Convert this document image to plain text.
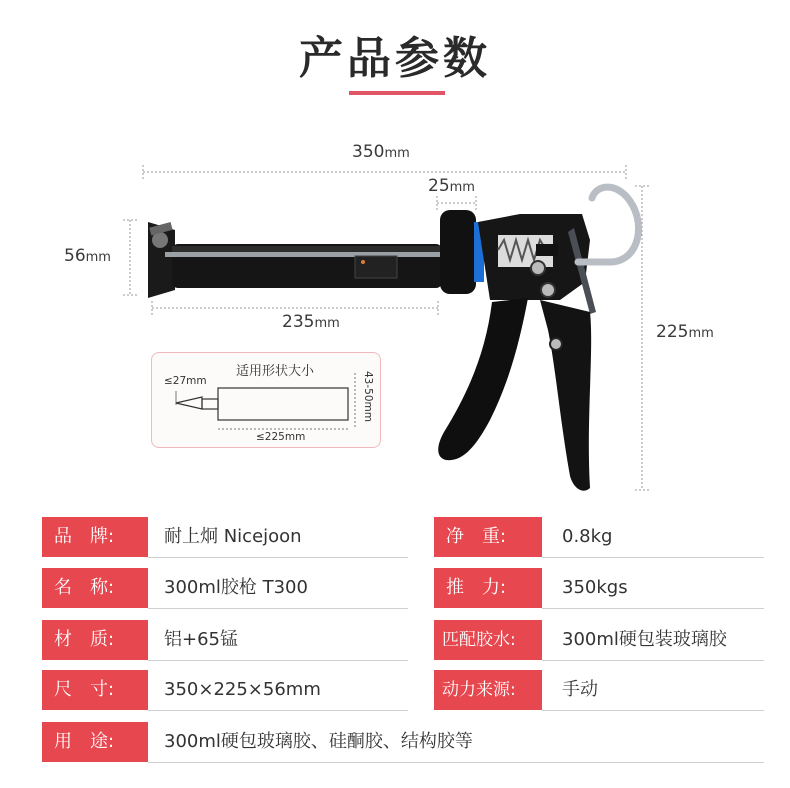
产品参数
350mm
25mm
56mm
235mm	225mm
适用形状大小
≤27mm	43-50mm
≤225mm
品　牌:	耐上炯 Nicejoon	净　重:	0.8kg
名　称:	300ml胶枪 T300	推　力:	350kgs
材　质:	铝+65锰	匹配胶水:	300ml硬包装玻璃胶
尺　寸:	350×225×56mm	动力来源:	手动
用　途:	300ml硬包玻璃胶、硅酮胶、结构胶等
